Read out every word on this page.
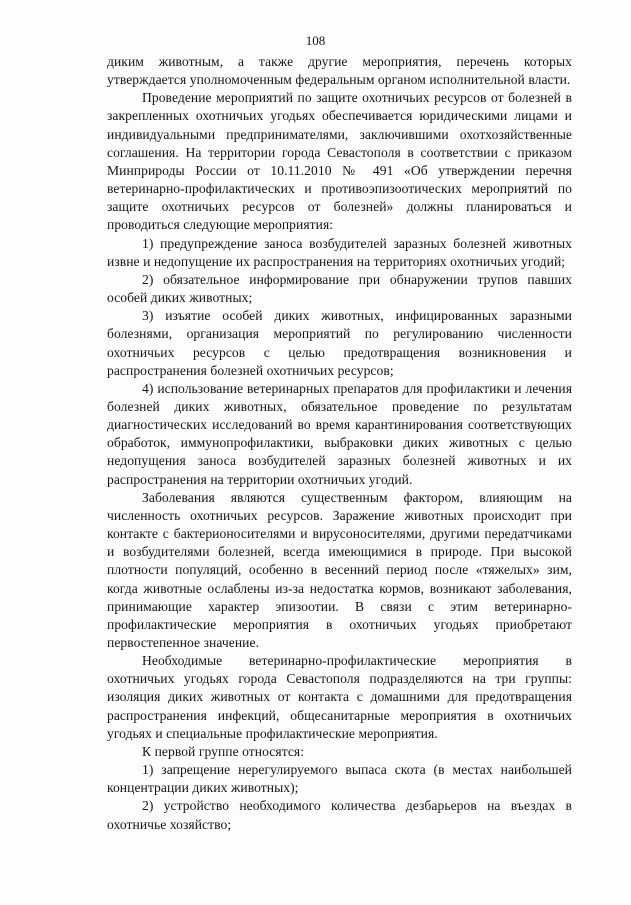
108

диким животным, а также другие мероприятия, перечень которых утверждается уполномоченным федеральным органом исполнительной власти.

Проведение мероприятий по защите охотничьих ресурсов от болезней в закрепленных охотничьих угодьях обеспечивается юридическими лицами и индивидуальными предпринимателями, заключившими охотхозяйственные соглашения. На территории города Севастополя в соответствии с приказом Минприроды России от 10.11.2010 № 491 «Об утверждении перечня ветеринарно-профилактических и противоэпизоотических мероприятий по защите охотничьих ресурсов от болезней» должны планироваться и проводиться следующие мероприятия:

1) предупреждение заноса возбудителей заразных болезней животных извне и недопущение их распространения на территориях охотничьих угодий;

2) обязательное информирование при обнаружении трупов павших особей диких животных;

3) изъятие особей диких животных, инфицированных заразными болезнями, организация мероприятий по регулированию численности охотничьих ресурсов с целью предотвращения возникновения и распространения болезней охотничьих ресурсов;

4) использование ветеринарных препаратов для профилактики и лечения болезней диких животных, обязательное проведение по результатам диагностических исследований во время карантинирования соответствующих обработок, иммунопрофилактики, выбраковки диких животных с целью недопущения заноса возбудителей заразных болезней животных и их распространения на территории охотничьих угодий.

Заболевания являются существенным фактором, влияющим на численность охотничьих ресурсов. Заражение животных происходит при контакте с бактерионосителями и вирусоносителями, другими передатчиками и возбудителями болезней, всегда имеющимися в природе. При высокой плотности популяций, особенно в весенний период после «тяжелых» зим, когда животные ослаблены из-за недостатка кормов, возникают заболевания, принимающие характер эпизоотии. В связи с этим ветеринарно-профилактические мероприятия в охотничьих угодьях приобретают первостепенное значение.

Необходимые ветеринарно-профилактические мероприятия в охотничьих угодьях города Севастополя подразделяются на три группы: изоляция диких животных от контакта с домашними для предотвращения распространения инфекций, общесанитарные мероприятия в охотничьих угодьях и специальные профилактические мероприятия.

К первой группе относятся:

1) запрещение нерегулируемого выпаса скота (в местах наибольшей концентрации диких животных);

2) устройство необходимого количества дезбарьеров на въездах в охотничье хозяйство;
